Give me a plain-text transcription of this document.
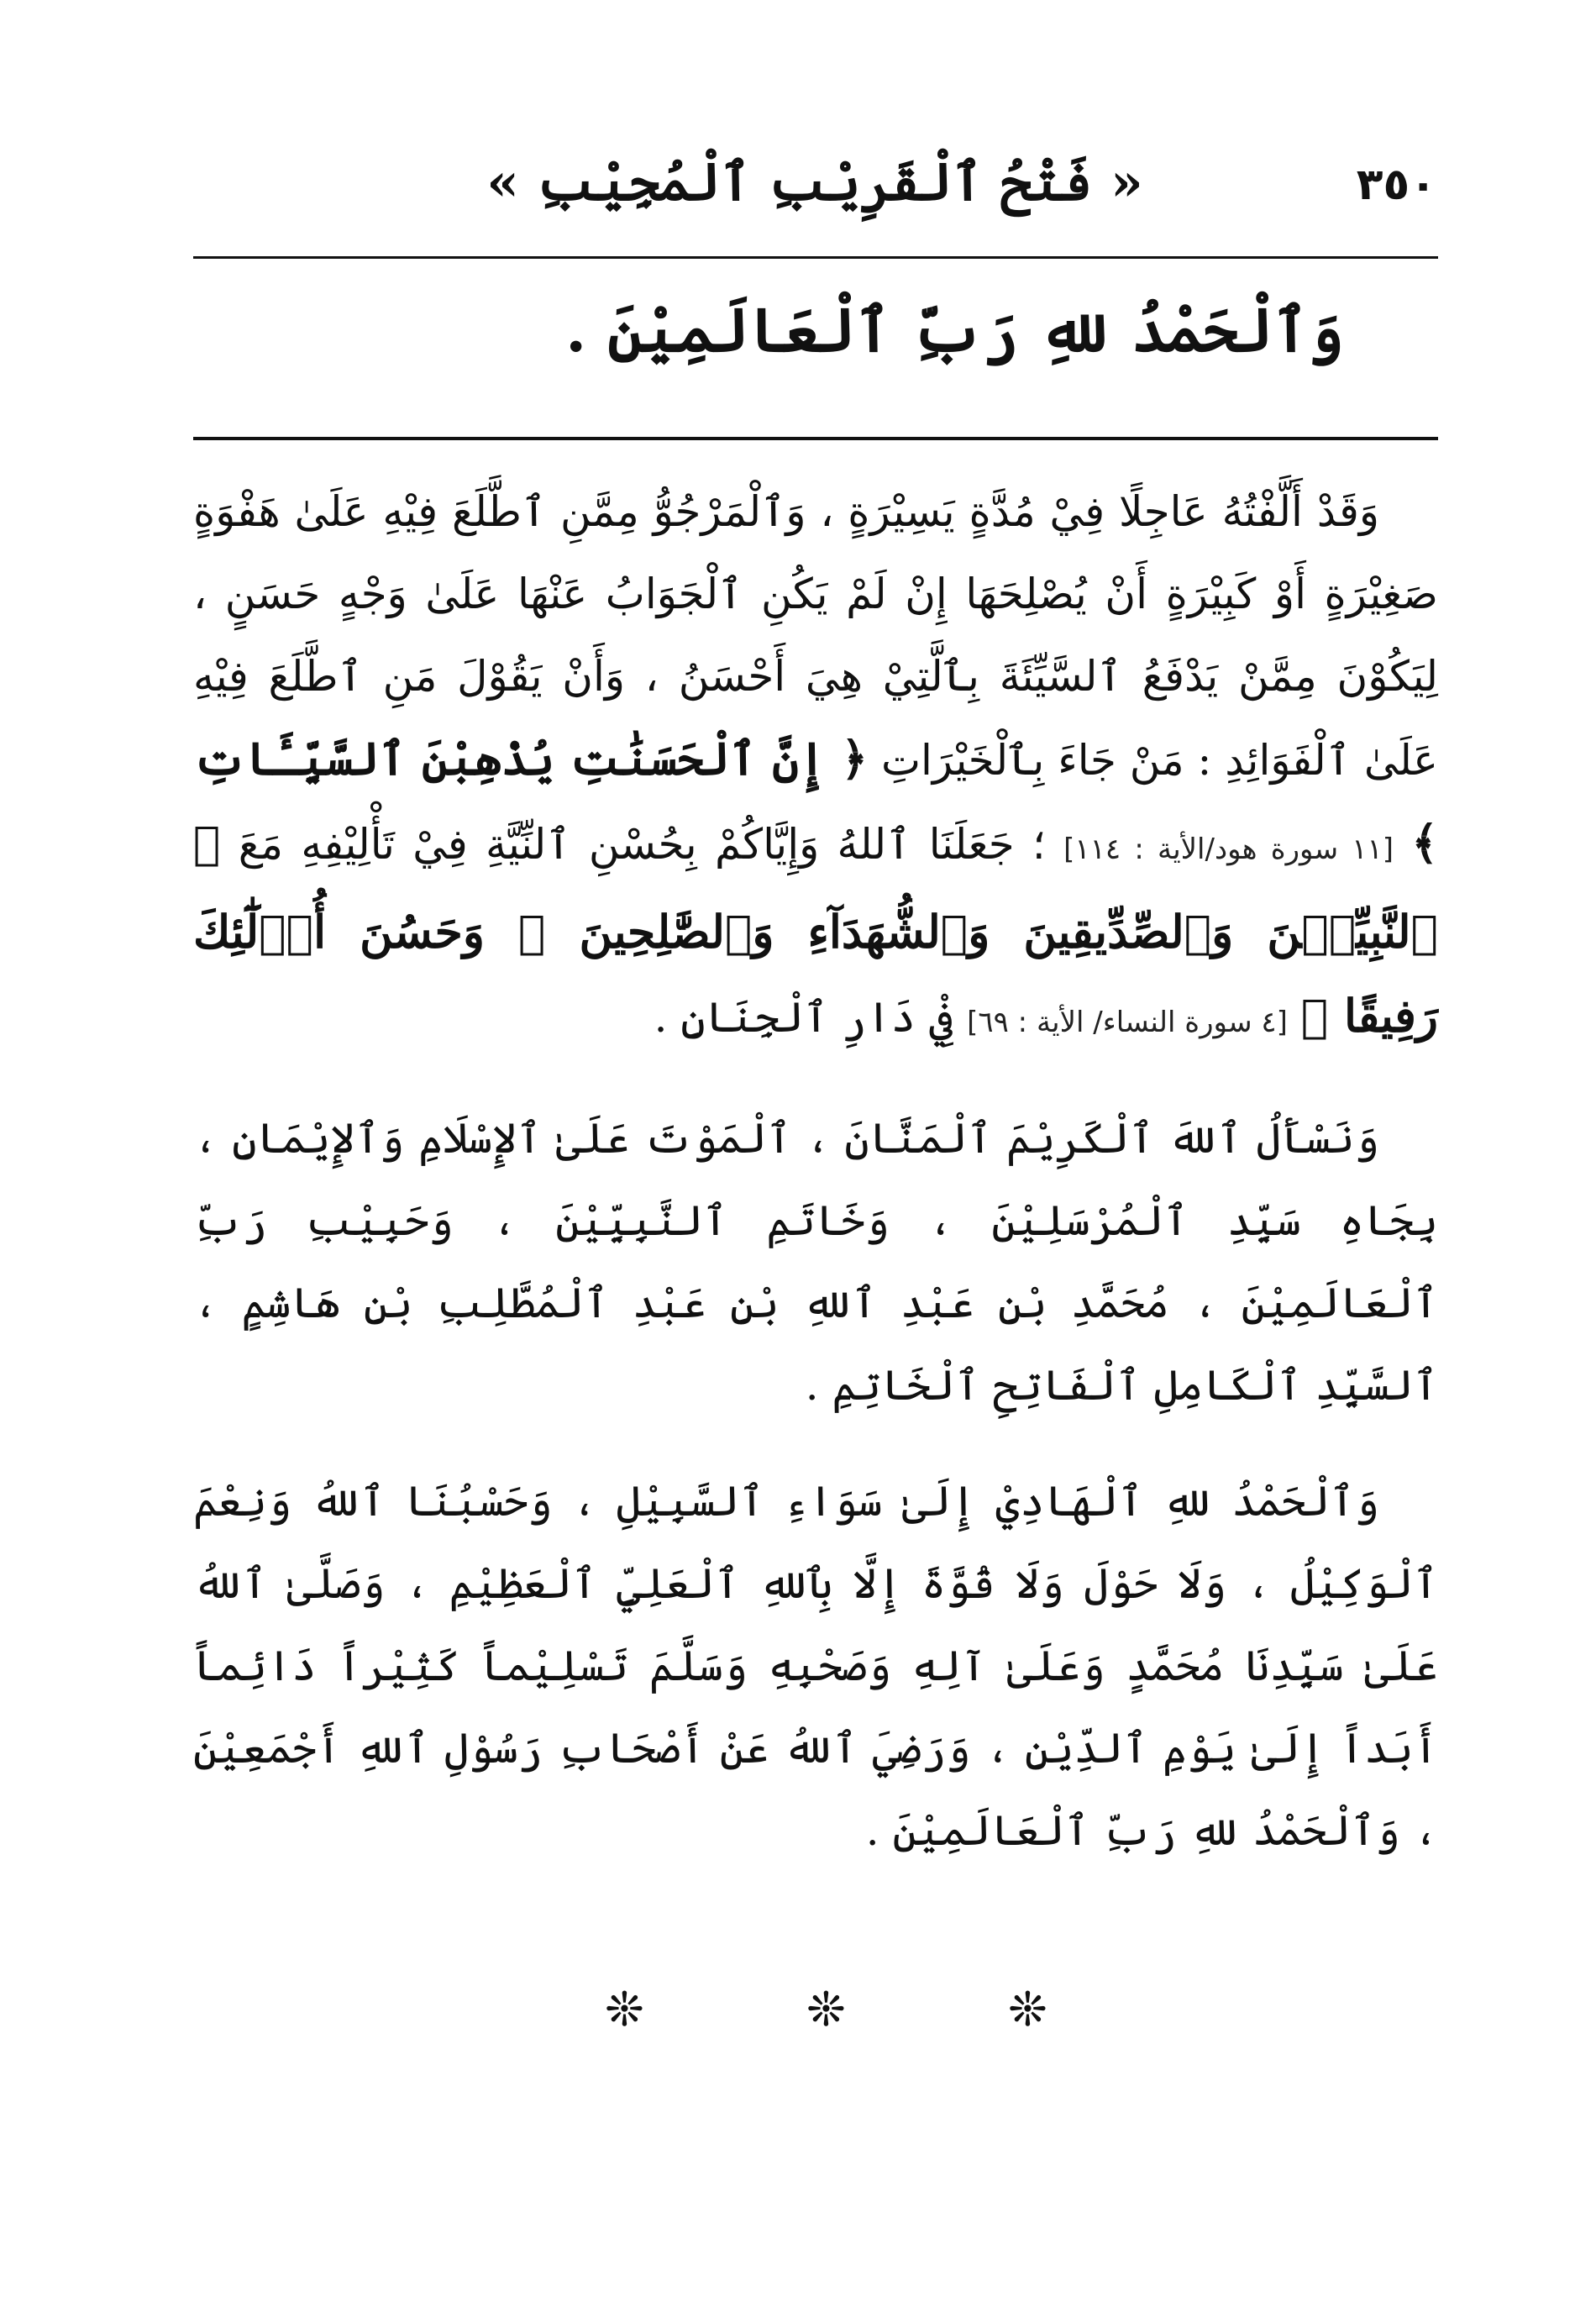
٣٥٠
« فَتْحُ ٱلْقَرِيْبِ ٱلْمُجِيْبِ »
وَٱلْحَمْدُ للهِ رَبِّ ٱلْعَالَمِيْنَ .

وَقَدْ أَلَّفْتُهُ عَاجِلًا فِيْ مُدَّةٍ يَسِيْرَةٍ ، وَٱلْمَرْجُوُّ مِمَّنِ ٱطَّلَعَ فِيْهِ عَلَىٰ هَفْوَةٍ صَغِيْرَةٍ أَوْ كَبِيْرَةٍ أَنْ يُصْلِحَهَا إِنْ لَمْ يَكُنِ ٱلْجَوَابُ عَنْهَا عَلَىٰ وَجْهٍ حَسَنٍ ، لِيَكُوْنَ مِمَّنْ يَدْفَعُ ٱلسَّيِّئَةَ بِٱلَّتِيْ هِيَ أَحْسَنُ ، وَأَنْ يَقُوْلَ مَنِ ٱطَّلَعَ فِيْهِ عَلَىٰ ٱلْفَوَائِدِ : مَنْ جَاءَ بِٱلْخَيْرَاتِ ﴿ إِنَّ ٱلْحَسَنَٰتِ يُذْهِبْنَ ٱلسَّيِّـَٔاتِ ﴾ [١١ سورة هود/الأية : ١١٤] ؛ جَعَلَنَا ٱللهُ وَإِيَّاكُمْ بِحُسْنِ ٱلنِّيَّةِ فِيْ تَأْلِيْفِهِ مَعَ ﴿ ٱلنَّبِيِّـۧنَ وَٱلصِّدِّيقِينَ وَٱلشُّهَدَآءِ وَٱلصَّٰلِحِينَ ۚ وَحَسُنَ أُو۟لَٰٓئِكَ رَفِيقًا ﴾ [٤ سورة النساء/ الأية : ٦٩] فِيْ دَارِ ٱلْجِنَانِ .

وَنَسْأَلُ ٱللهَ ٱلْكَرِيْمَ ٱلْمَنَّانَ ، ٱلْمَوْتَ عَلَىٰ ٱلإِسْلَامِ وَٱلإِيْمَانِ ، بِجَاهِ سَيِّدِ ٱلْمُرْسَلِيْنَ ، وَخَاتَمِ ٱلنَّبِيِّيْنَ ، وَحَبِيْبِ رَبِّ ٱلْعَالَمِيْنَ ، مُحَمَّدِ بْنِ عَبْدِ ٱللهِ بْنِ عَبْدِ ٱلْمُطَّلِبِ بْنِ هَاشِمٍ ، ٱلسَّيِّدِ ٱلْكَامِلِ ٱلْفَاتِحِ ٱلْخَاتِمِ .

وَٱلْحَمْدُ للهِ ٱلْهَادِيْ إِلَىٰ سَوَاءِ ٱلسَّبِيْلِ ، وَحَسْبُنَا ٱللهُ وَنِعْمَ ٱلْوَكِيْلُ ، وَلَا حَوْلَ وَلَا قُوَّةَ إِلَّا بِٱللهِ ٱلْعَلِيِّ ٱلْعَظِيْمِ ، وَصَلَّىٰ ٱللهُ عَلَىٰ سَيِّدِنَا مُحَمَّدٍ وَعَلَىٰ آلِهِ وَصَحْبِهِ وَسَلَّمَ تَسْلِيْماً كَثِيْراً دَائِماً أَبَداً إِلَىٰ يَوْمِ ٱلدِّيْنِ ، وَرَضِيَ ٱللهُ عَنْ أَصْحَابِ رَسُوْلِ ٱللهِ أَجْمَعِيْنَ ، وَٱلْحَمْدُ للهِ رَبِّ ٱلْعَالَمِيْنَ .

❊
❊
❊
